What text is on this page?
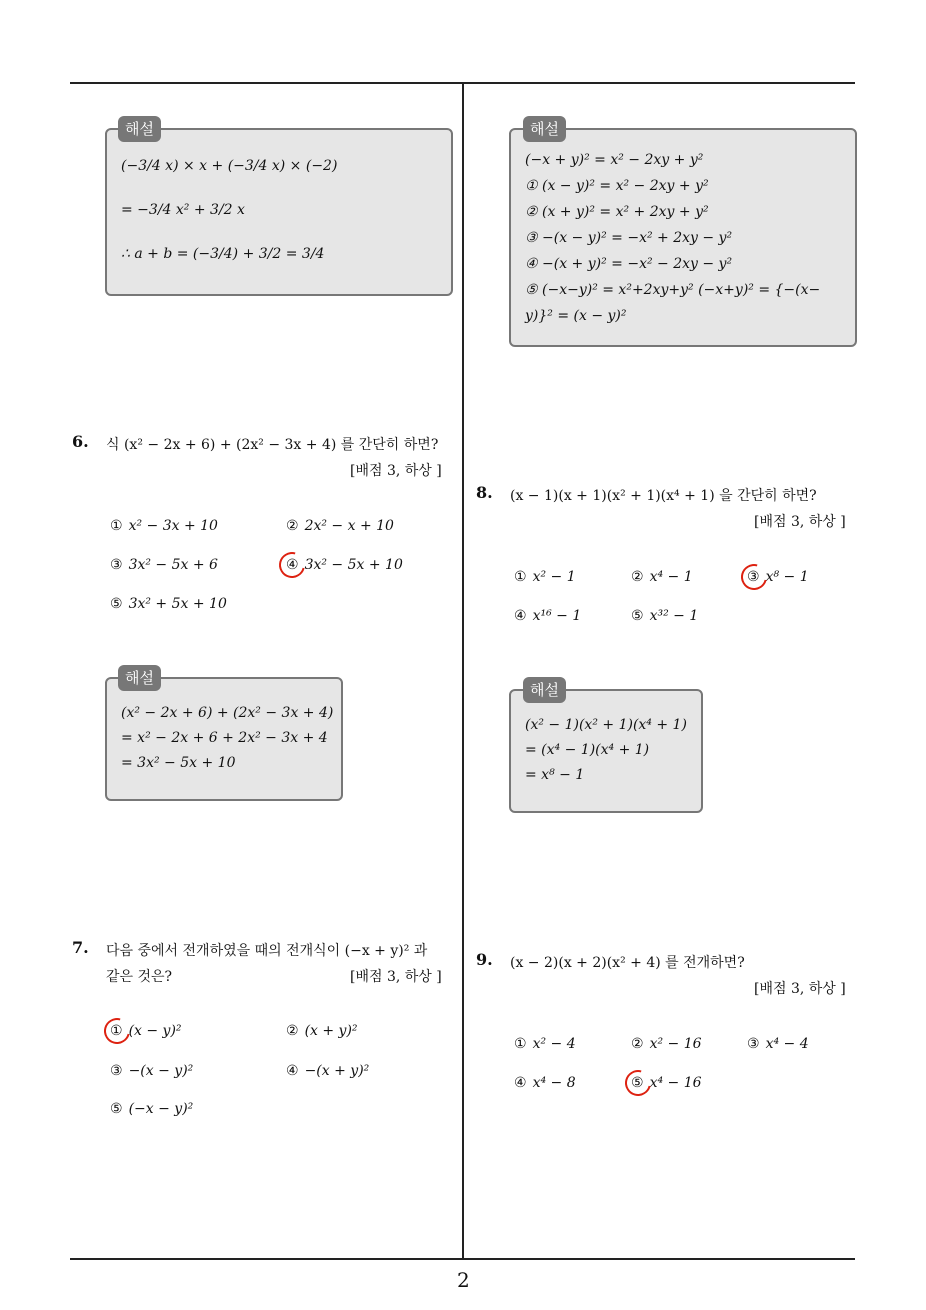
2
(−3/4 x) × x + (−3/4 x) × (−2)
= −3/4 x² + 3/2 x
∴ a + b = (−3/4) + 3/2 = 3/4
해설
6. 식 (x² − 2x + 6) + (2x² − 3x + 4) 를 간단히 하면?
[배점 3, 하상 ]
① x² − 3x + 10	② 2x² − x + 10
③ 3x² − 5x + 6	④ 3x² − 5x + 10
⑤ 3x² + 5x + 10
(x² − 2x + 6) + (2x² − 3x + 4)
= x² − 2x + 6 + 2x² − 3x + 4
= 3x² − 5x + 10
해설
7. 다음 중에서 전개하였을 때의 전개식이 (−x + y)² 과
같은 것은?	[배점 3, 하상 ]
① (x − y)²	② (x + y)²
③ −(x − y)²	④ −(x + y)²
⑤ (−x − y)²
(−x + y)² = x² − 2xy + y²
① (x − y)² = x² − 2xy + y²
② (x + y)² = x² + 2xy + y²
③ −(x − y)² = −x² + 2xy − y²
④ −(x + y)² = −x² − 2xy − y²
⑤ (−x−y)² = x²+2xy+y² (−x+y)² = {−(x−
y)}² = (x − y)²
해설
8. (x − 1)(x + 1)(x² + 1)(x⁴ + 1) 을 간단히 하면?
[배점 3, 하상 ]
① x² − 1	② x⁴ − 1	③ x⁸ − 1
④ x¹⁶ − 1	⑤ x³² − 1
(x² − 1)(x² + 1)(x⁴ + 1)
= (x⁴ − 1)(x⁴ + 1)
= x⁸ − 1
해설
9. (x − 2)(x + 2)(x² + 4) 를 전개하면?
[배점 3, 하상 ]
① x² − 4	② x² − 16	③ x⁴ − 4
④ x⁴ − 8	⑤ x⁴ − 16
